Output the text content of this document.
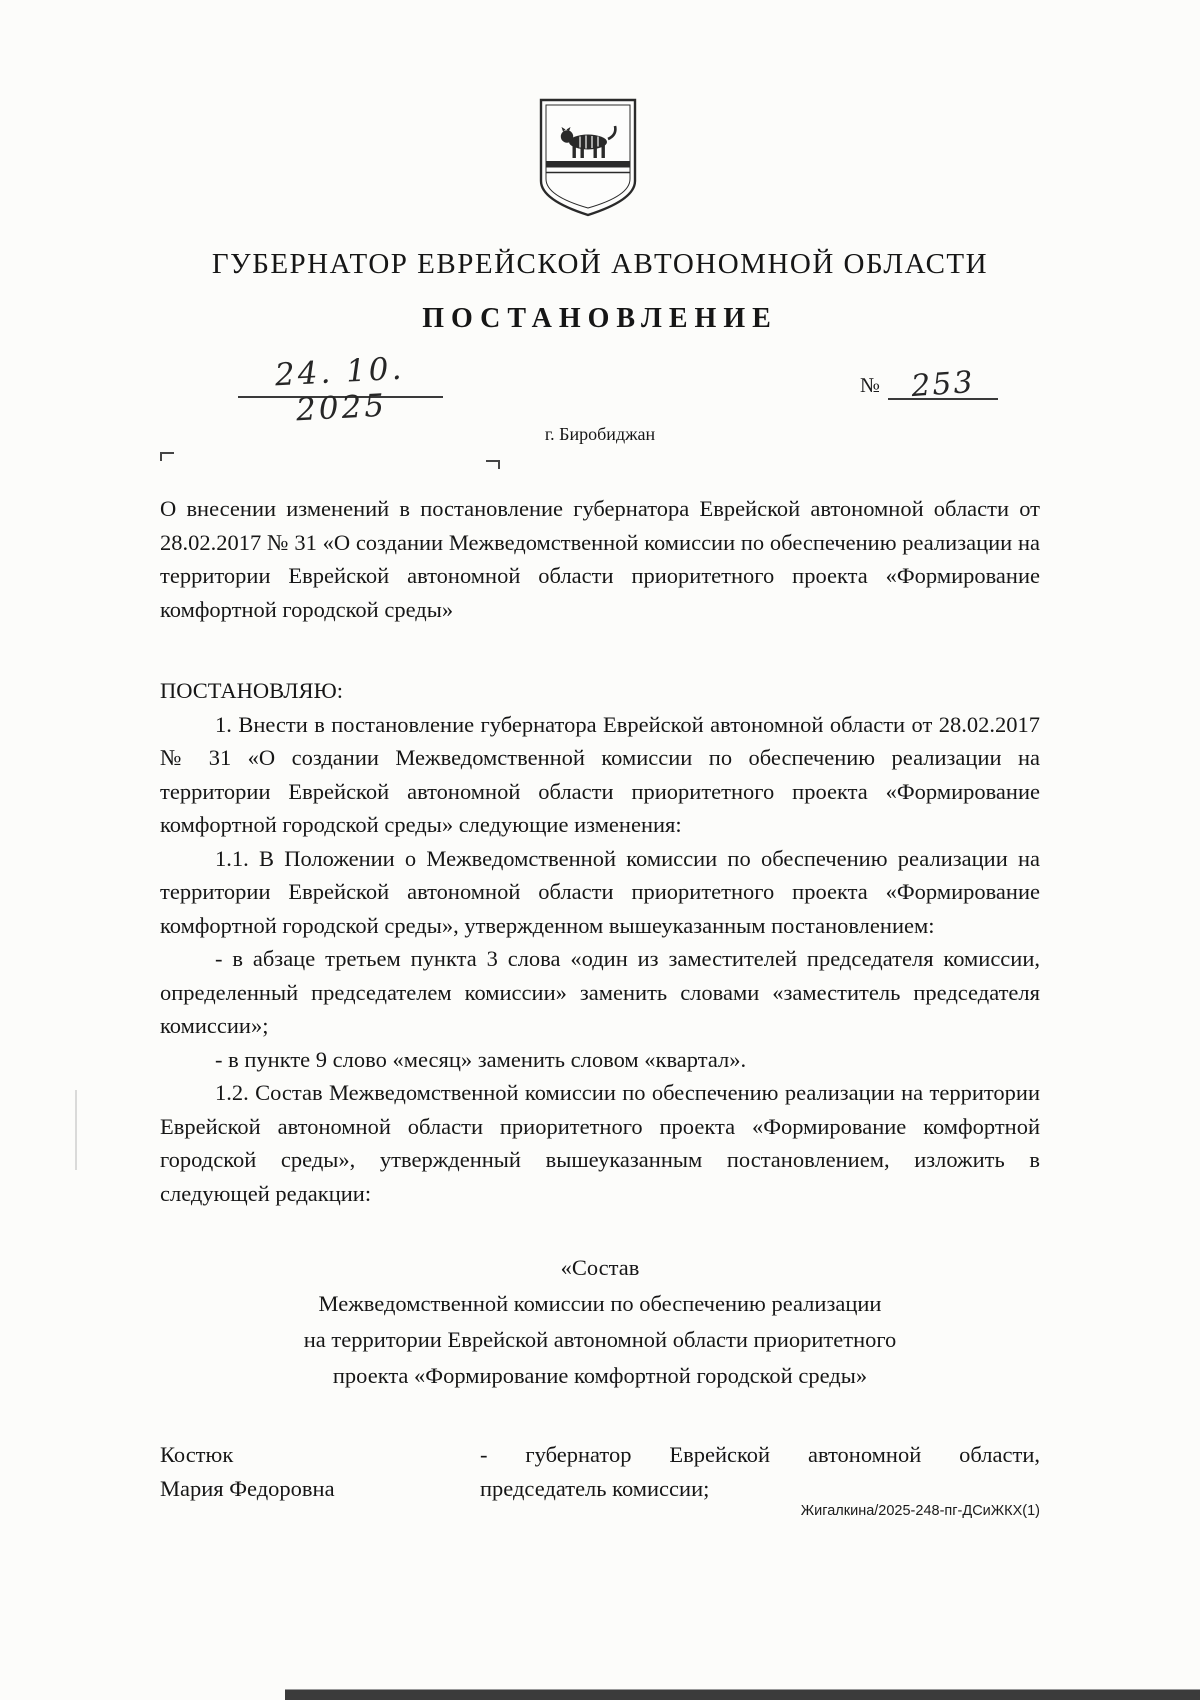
ГУБЕРНАТОР ЕВРЕЙСКОЙ АВТОНОМНОЙ ОБЛАСТИ
ПОСТАНОВЛЕНИЕ
24. 10. 2025
№	253
г. Биробиджан

О внесении изменений в постановление губернатора Еврейской автономной области от 28.02.2017 № 31 «О создании Межведомственной комиссии по обеспечению реализации на территории Еврейской автономной области приоритетного проекта «Формирование комфортной городской среды»

ПОСТАНОВЛЯЮ:

1. Внести в постановление губернатора Еврейской автономной области от 28.02.2017 № 31 «О создании Межведомственной комиссии по обеспечению реализации на территории Еврейской автономной области приоритетного проекта «Формирование комфортной городской среды» следующие изменения:

1.1. В Положении о Межведомственной комиссии по обеспечению реализации на территории Еврейской автономной области приоритетного проекта «Формирование комфортной городской среды», утвержденном вышеуказанным постановлением:

- в абзаце третьем пункта 3 слова «один из заместителей председателя комиссии, определенный председателем комиссии» заменить словами «заместитель председателя комиссии»;

- в пункте 9 слово «месяц» заменить словом «квартал».

1.2. Состав Межведомственной комиссии по обеспечению реализации на территории Еврейской автономной области приоритетного проекта «Формирование комфортной городской среды», утвержденный вышеуказанным постановлением, изложить в следующей редакции:

«Состав
Межведомственной комиссии по обеспечению реализации
на территории Еврейской автономной области приоритетного
проекта «Формирование комфортной городской среды»
Костюк
Мария Федоровна
- губернатор Еврейской автономной области, председатель комиссии;
Жигалкина/2025-248-пг-ДСиЖКХ(1)
